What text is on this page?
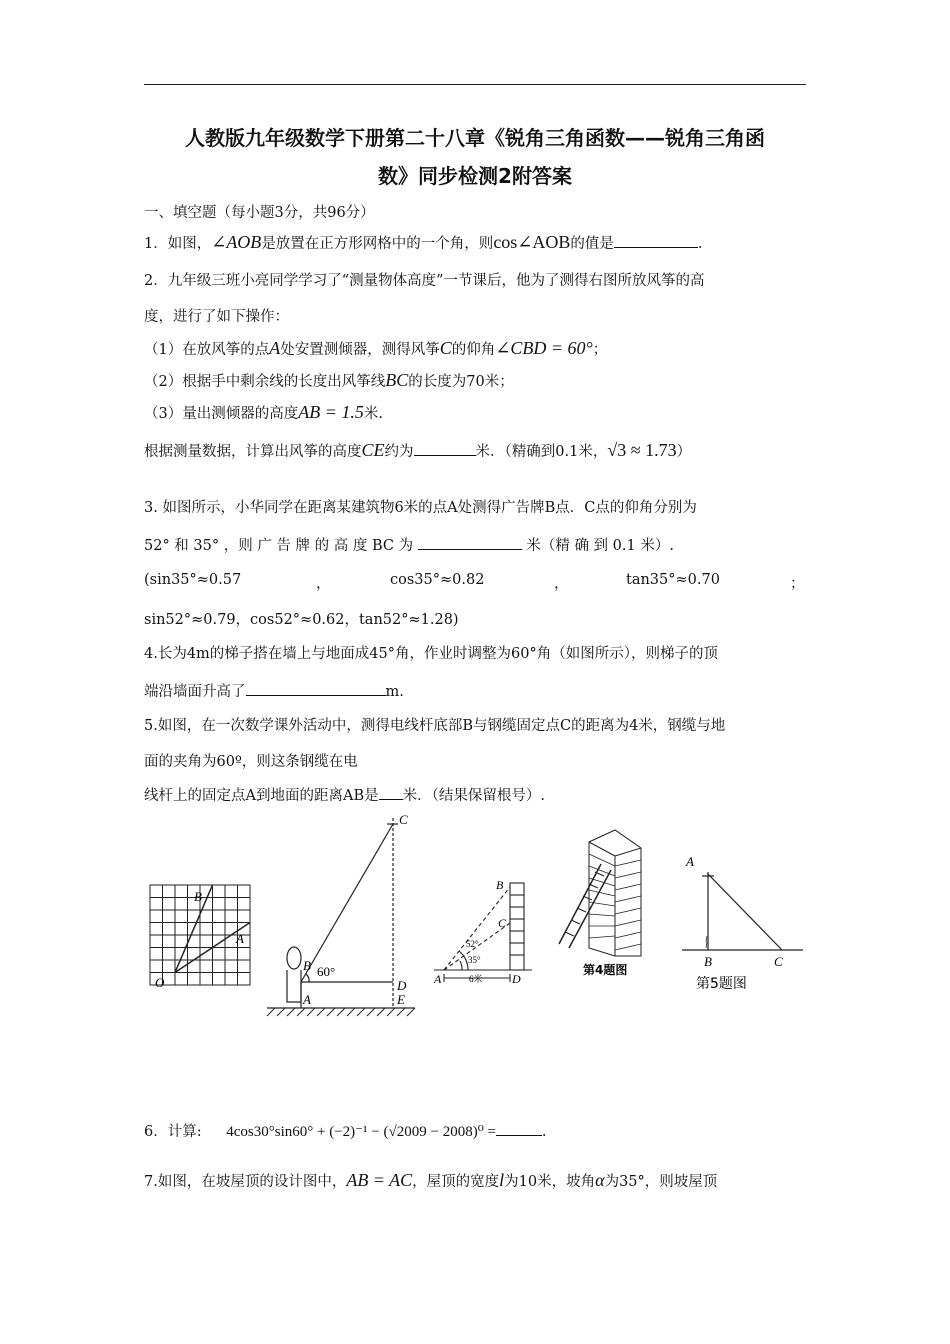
人教版九年级数学下册第二十八章《锐角三角函数——锐角三角函
数》同步检测2附答案
一、填空题（每小题3分，共96分）
1．如图，∠AOB是放置在正方形网格中的一个角，则cos∠AOB的值是	．
2．九年级三班小亮同学学习了“测量物体高度”一节课后，他为了测得右图所放风筝的高
度，进行了如下操作：
（1）在放风筝的点A处安置测倾器，测得风筝C的仰角∠CBD = 60°；
（2）根据手中剩余线的长度出风筝线BC的长度为70米；
（3）量出测倾器的高度AB = 1.5米.
根据测量数据，计算出风筝的高度CE约为	米．（精确到0.1米，√3 ≈ 1.73）
3. 如图所示，小华同学在距离某建筑物6米的点A处测得广告牌B点．C点的仰角分别为
52° 和 35° ，则 广 告 牌 的 高 度 BC 为	米（精 确 到 0.1 米）.
(sin35°≈0.57	，	cos35°≈0.82	，	tan35°≈0.70	；
sin52°≈0.79，cos52°≈0.62，tan52°≈1.28)
4.长为4m的梯子搭在墙上与地面成45°角，作业时调整为60°角（如图所示），则梯子的顶
端沿墙面升高了	m.
5.如图，在一次数学课外活动中，测得电线杆底部B与钢缆固定点C的距离为4米，钢缆与地
面的夹角为60º，则这条钢缆在电
线杆上的固定点A到地面的距离AB是 米．（结果保留根号）.
B
A
O
C
B 60°
A
D
E
B
C
52°
35°
A	6米 D
第4题图
A
B	C
第5题图
6．计算: 4cos30°sin60° + (−2)⁻¹ − (√2009 − 2008)⁰ =	.
7.如图，在坡屋顶的设计图中，AB = AC，屋顶的宽度l为10米，坡角α为35°，则坡屋顶
